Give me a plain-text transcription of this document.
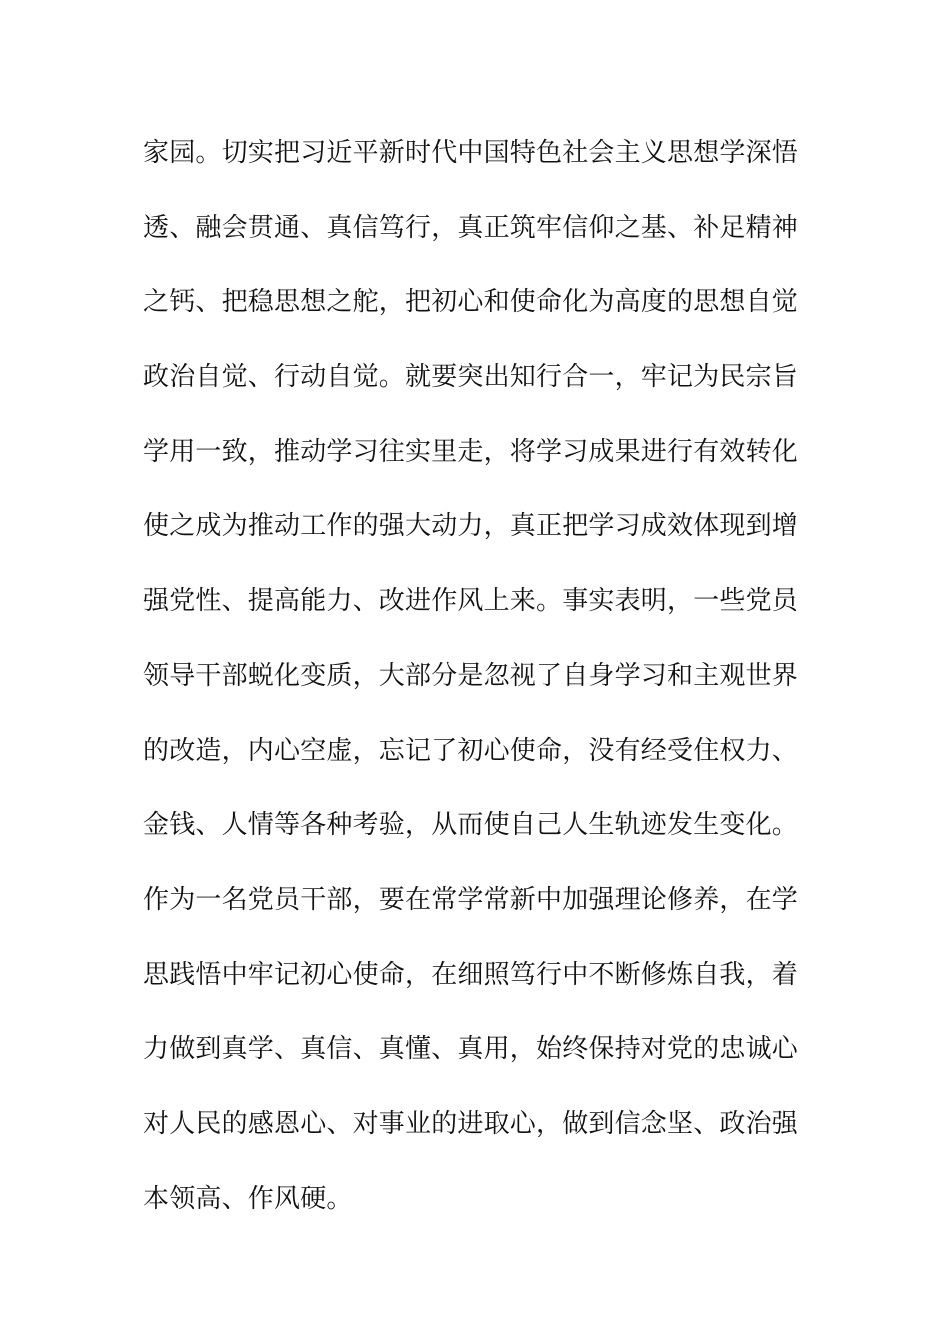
家园。切实把习近平新时代中国特色社会主义思想学深悟
透、融会贯通、真信笃行，真正筑牢信仰之基、补足精神
之钙、把稳思想之舵，把初心和使命化为高度的思想自觉
政治自觉、行动自觉。就要突出知行合一，牢记为民宗旨
学用一致，推动学习往实里走，将学习成果进行有效转化
使之成为推动工作的强大动力，真正把学习成效体现到增
强党性、提高能力、改进作风上来。事实表明，一些党员
领导干部蜕化变质，大部分是忽视了自身学习和主观世界
的改造，内心空虚，忘记了初心使命，没有经受住权力、
金钱、人情等各种考验，从而使自己人生轨迹发生变化。
作为一名党员干部，要在常学常新中加强理论修养，在学
思践悟中牢记初心使命，在细照笃行中不断修炼自我，着
力做到真学、真信、真懂、真用，始终保持对党的忠诚心
对人民的感恩心、对事业的进取心，做到信念坚、政治强
本领高、作风硬。
